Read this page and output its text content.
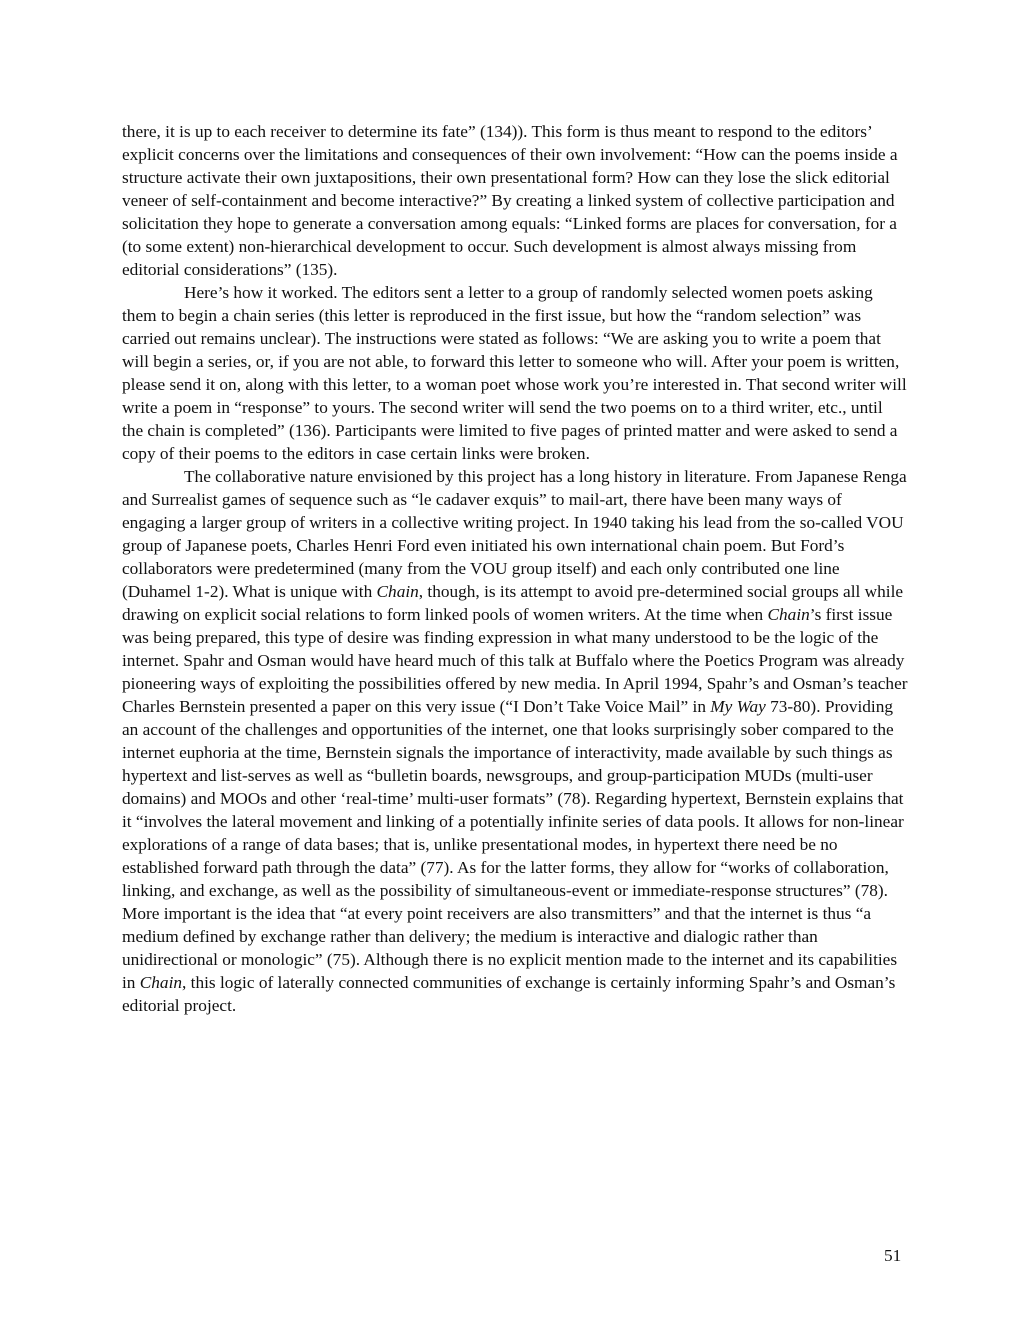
there, it is up to each receiver to determine its fate” (134)). This form is thus meant to respond to the editors’ explicit concerns over the limitations and consequences of their own involvement: “How can the poems inside a structure activate their own juxtapositions, their own presentational form? How can they lose the slick editorial veneer of self-containment and become interactive?” By creating a linked system of collective participation and solicitation they hope to generate a conversation among equals: “Linked forms are places for conversation, for a (to some extent) non-hierarchical development to occur. Such development is almost always missing from editorial considerations” (135).

Here’s how it worked. The editors sent a letter to a group of randomly selected women poets asking them to begin a chain series (this letter is reproduced in the first issue, but how the “random selection” was carried out remains unclear). The instructions were stated as follows: “We are asking you to write a poem that will begin a series, or, if you are not able, to forward this letter to someone who will. After your poem is written, please send it on, along with this letter, to a woman poet whose work you’re interested in. That second writer will write a poem in “response” to yours. The second writer will send the two poems on to a third writer, etc., until the chain is completed” (136). Participants were limited to five pages of printed matter and were asked to send a copy of their poems to the editors in case certain links were broken.

The collaborative nature envisioned by this project has a long history in literature. From Japanese Renga and Surrealist games of sequence such as “le cadaver exquis” to mail-art, there have been many ways of engaging a larger group of writers in a collective writing project. In 1940 taking his lead from the so-called VOU group of Japanese poets, Charles Henri Ford even initiated his own international chain poem. But Ford’s collaborators were predetermined (many from the VOU group itself) and each only contributed one line (Duhamel 1-2). What is unique with Chain, though, is its attempt to avoid pre-determined social groups all while drawing on explicit social relations to form linked pools of women writers. At the time when Chain’s first issue was being prepared, this type of desire was finding expression in what many understood to be the logic of the internet. Spahr and Osman would have heard much of this talk at Buffalo where the Poetics Program was already pioneering ways of exploiting the possibilities offered by new media. In April 1994, Spahr’s and Osman’s teacher Charles Bernstein presented a paper on this very issue (“I Don’t Take Voice Mail” in My Way 73-80). Providing an account of the challenges and opportunities of the internet, one that looks surprisingly sober compared to the internet euphoria at the time, Bernstein signals the importance of interactivity, made available by such things as hypertext and list-serves as well as “bulletin boards, newsgroups, and group-participation MUDs (multi-user domains) and MOOs and other ‘real-time’ multi-user formats” (78). Regarding hypertext, Bernstein explains that it “involves the lateral movement and linking of a potentially infinite series of data pools. It allows for non-linear explorations of a range of data bases; that is, unlike presentational modes, in hypertext there need be no established forward path through the data” (77). As for the latter forms, they allow for “works of collaboration, linking, and exchange, as well as the possibility of simultaneous-event or immediate-response structures” (78). More important is the idea that “at every point receivers are also transmitters” and that the internet is thus “a medium defined by exchange rather than delivery; the medium is interactive and dialogic rather than unidirectional or monologic” (75). Although there is no explicit mention made to the internet and its capabilities in Chain, this logic of laterally connected communities of exchange is certainly informing Spahr’s and Osman’s editorial project.

51
